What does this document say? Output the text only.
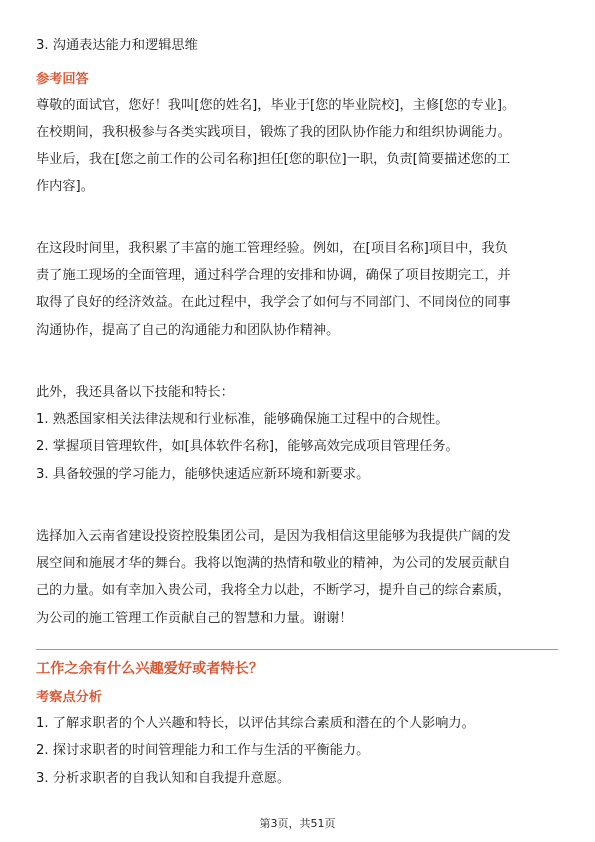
3. 沟通表达能力和逻辑思维
参考回答
尊敬的面试官，您好！我叫[您的姓名]，毕业于[您的毕业院校]，主修[您的专业]。
在校期间，我积极参与各类实践项目，锻炼了我的团队协作能力和组织协调能力。
毕业后，我在[您之前工作的公司名称]担任[您的职位]一职，负责[简要描述您的工
作内容]。
在这段时间里，我积累了丰富的施工管理经验。例如，在[项目名称]项目中，我负
责了施工现场的全面管理，通过科学合理的安排和协调，确保了项目按期完工，并
取得了良好的经济效益。在此过程中，我学会了如何与不同部门、不同岗位的同事
沟通协作，提高了自己的沟通能力和团队协作精神。
此外，我还具备以下技能和特长：
1. 熟悉国家相关法律法规和行业标准，能够确保施工过程中的合规性。
2. 掌握项目管理软件，如[具体软件名称]，能够高效完成项目管理任务。
3. 具备较强的学习能力，能够快速适应新环境和新要求。
选择加入云南省建设投资控股集团公司，是因为我相信这里能够为我提供广阔的发
展空间和施展才华的舞台。我将以饱满的热情和敬业的精神，为公司的发展贡献自
己的力量。如有幸加入贵公司，我将全力以赴，不断学习，提升自己的综合素质，
为公司的施工管理工作贡献自己的智慧和力量。谢谢！
工作之余有什么兴趣爱好或者特长？
考察点分析
1. 了解求职者的个人兴趣和特长，以评估其综合素质和潜在的个人影响力。
2. 探讨求职者的时间管理能力和工作与生活的平衡能力。
3. 分析求职者的自我认知和自我提升意愿。
第3页，共51页
